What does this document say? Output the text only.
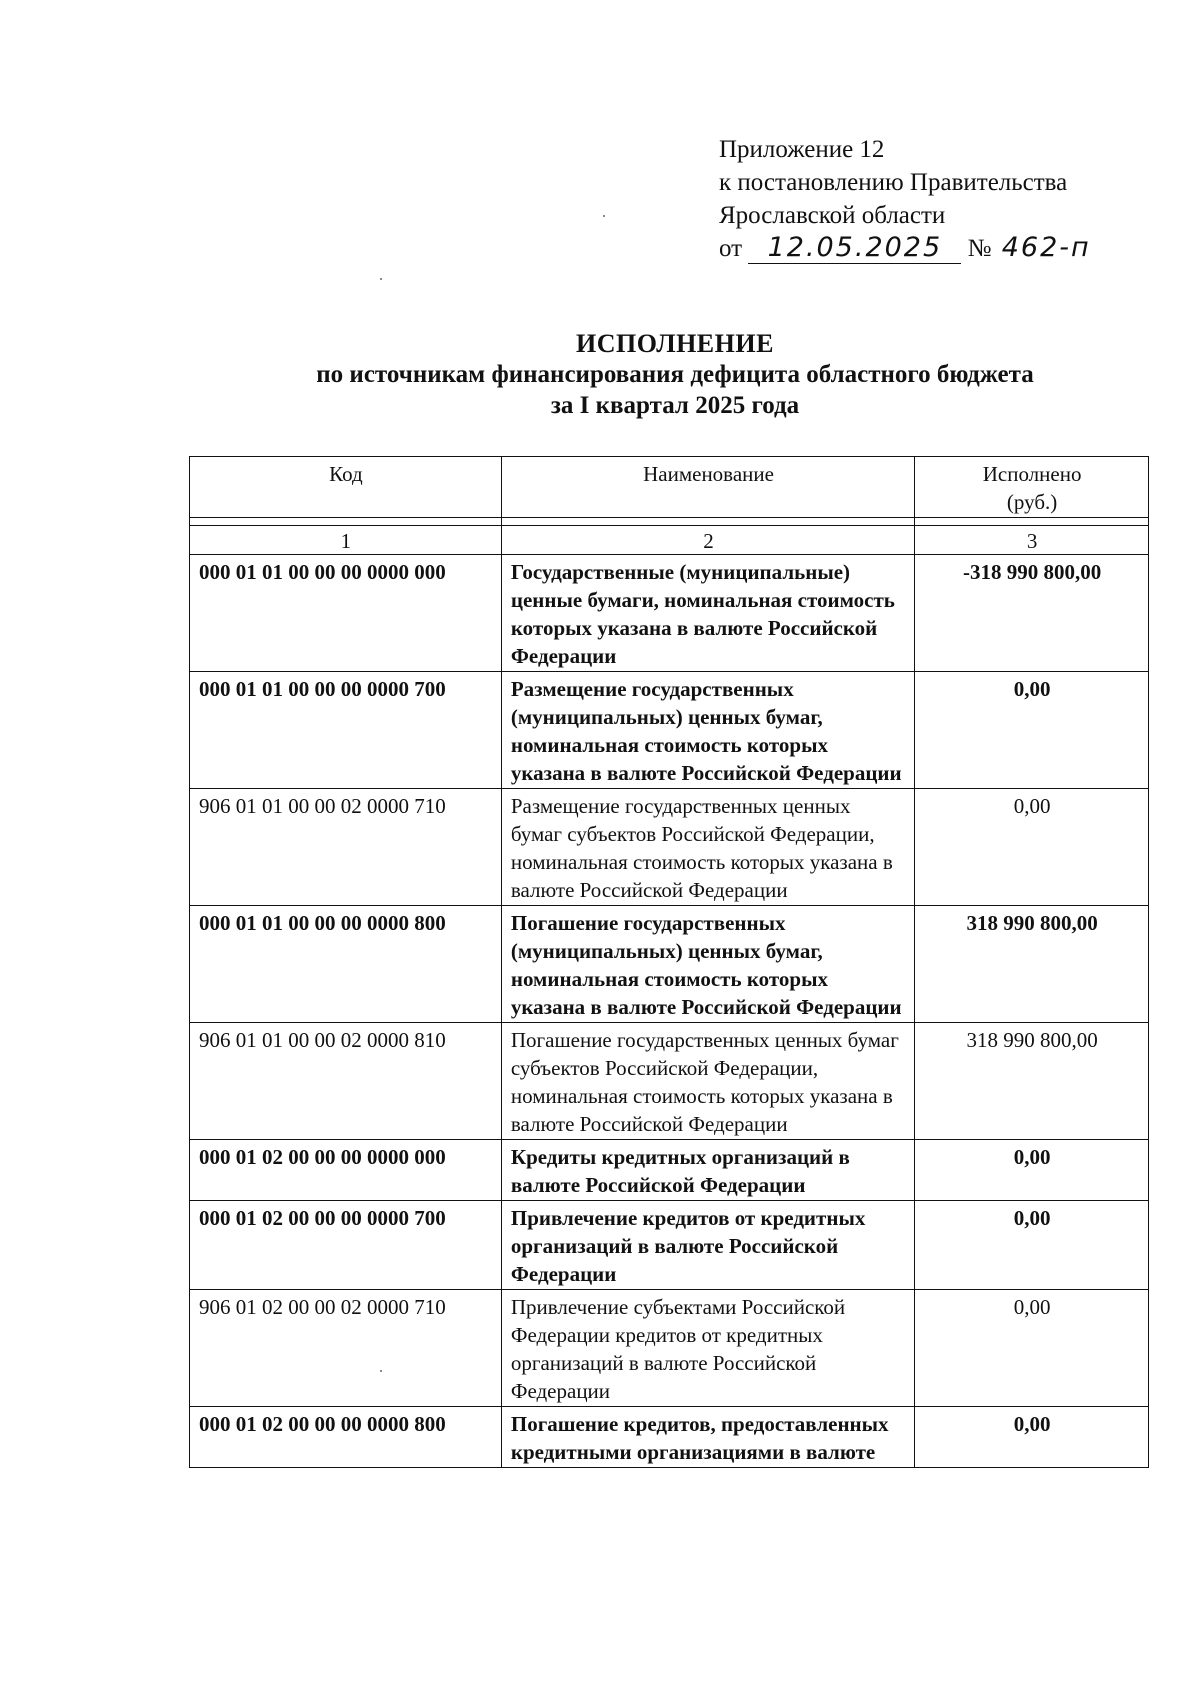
Приложение 12
к постановлению Правительства
Ярославской области
от 12.05.2025 № 462-п
ИСПОЛНЕНИЕ
по источникам финансирования дефицита областного бюджета
за I квартал 2025 года
Код	Наименование	Исполнено
(руб.)

1	2	3
000 01 01 00 00 00 0000 000	Государственные (муниципальные) ценные бумаги, номинальная стоимость которых указана в валюте Российской Федерации	-318 990 800,00
000 01 01 00 00 00 0000 700	Размещение государственных (муниципальных) ценных бумаг, номинальная стоимость которых указана в валюте Российской Федерации	0,00
906 01 01 00 00 02 0000 710	Размещение государственных ценных бумаг субъектов Российской Федерации, номинальная стоимость которых указана в валюте Российской Федерации	0,00
000 01 01 00 00 00 0000 800	Погашение государственных (муниципальных) ценных бумаг, номинальная стоимость которых указана в валюте Российской Федерации	318 990 800,00
906 01 01 00 00 02 0000 810	Погашение государственных ценных бумаг субъектов Российской Федерации, номинальная стоимость которых указана в валюте Российской Федерации	318 990 800,00
000 01 02 00 00 00 0000 000	Кредиты кредитных организаций в валюте Российской Федерации	0,00
000 01 02 00 00 00 0000 700	Привлечение кредитов от кредитных организаций в валюте Российской Федерации	0,00
906 01 02 00 00 02 0000 710	Привлечение субъектами Российской Федерации кредитов от кредитных организаций в валюте Российской Федерации	0,00
000 01 02 00 00 00 0000 800	Погашение кредитов, предоставленных кредитными организациями в валюте	0,00
